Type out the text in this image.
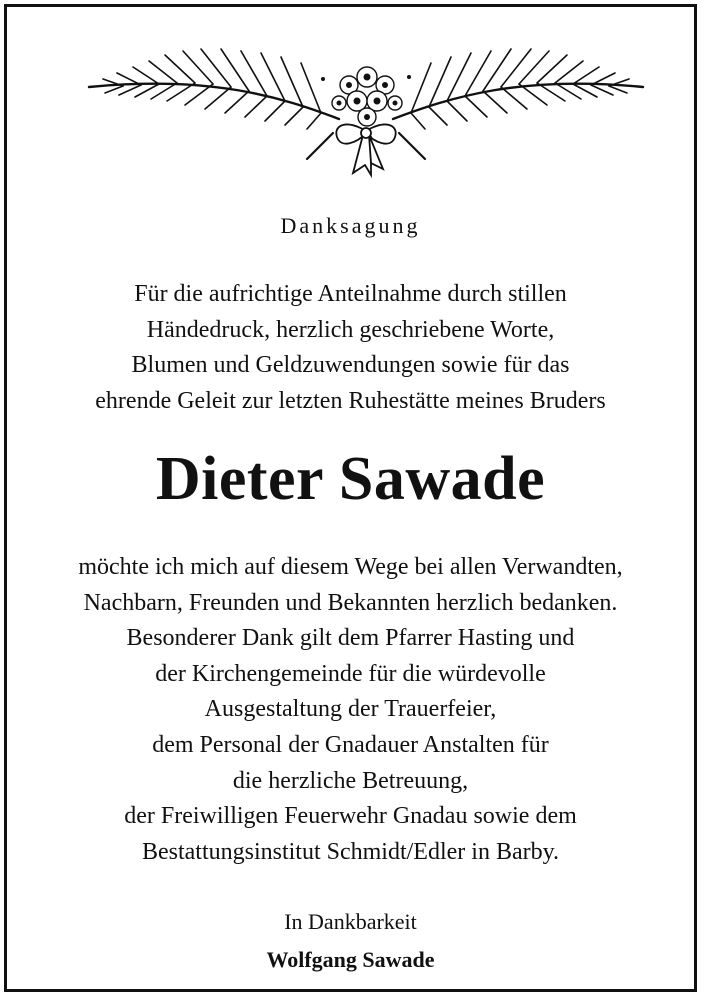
Danksagung
Für die aufrichtige Anteilnahme durch stillen
Händedruck, herzlich geschriebene Worte,
Blumen und Geldzuwendungen sowie für das
ehrende Geleit zur letzten Ruhestätte meines Bruders
Dieter Sawade
möchte ich mich auf diesem Wege bei allen Verwandten,
Nachbarn, Freunden und Bekannten herzlich bedanken.
Besonderer Dank gilt dem Pfarrer Hasting und
der Kirchengemeinde für die würdevolle
Ausgestaltung der Trauerfeier,
dem Personal der Gnadauer Anstalten für
die herzliche Betreuung,
der Freiwilligen Feuerwehr Gnadau sowie dem
Bestattungsinstitut Schmidt/Edler in Barby.
In Dankbarkeit
Wolfgang Sawade
